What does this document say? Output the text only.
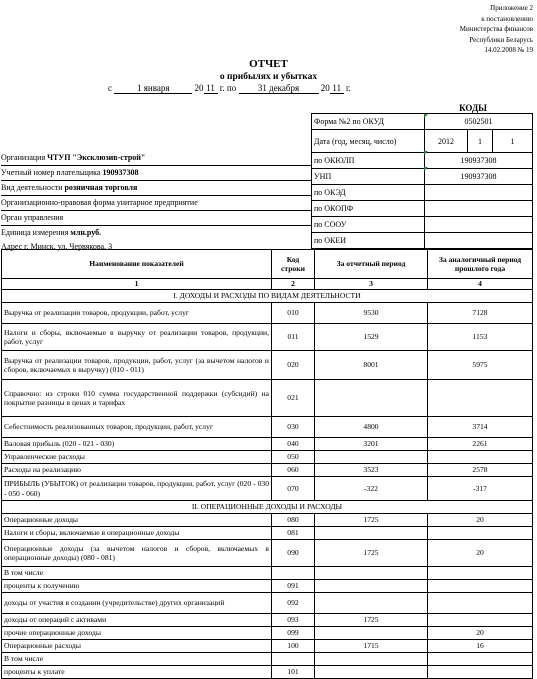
Приложение 2
к постановлению
Министерства финансов
Республики Беларусь
14.02.2008 № 19
ОТЧЕТ
о прибылях и убытках
с	1 января	20 11 г. по 31 декабря 20 11 г.
КОДЫ
Форма №2 по ОКУД	0502501		
Дата (год, месяц, число)	2012	1	1
по ОКЮЛП	190937308		
УНП	190937308		
по ОКЭД			
по ОКОПФ			
по СООУ			
по ОКЕИ			
Организация ЧТУП "Эксклюзив-строй"
Учетный номер плательщика 190937308
Вид деятельности розничная торговля
Организационно-правовая форма унитарное предприятие
Орган управления
Единица измерения млн.руб.
Адрес г. Минск, ул. Червякова, 3
Наименование показателей	Код строки	За отчетный период	За аналогичный период прошлого года
1	2	3	4
I. ДОХОДЫ И РАСХОДЫ ПО ВИДАМ ДЕЯТЕЛЬНОСТИ			
Выручка от реализации товаров, продукции, работ, услуг	010	9530	7128
Налоги и сборы, включаемые в выручку от реализации товаров, продукции, работ, услуг	011	1529	1153
Выручка от реализации товаров, продукции, работ, услуг (за вычетом налогов и сборов, включаемых в выручку) (010 - 011)	020	8001	5975
Справочно: из строки 010 сумма государственной поддержки (субсидий) на покрытие разницы в ценах и тарифах	021		
Себестоимость реализованных товаров, продукции, работ, услуг	030	4800	3714
Валовая прибыль (020 - 021 - 030)	040	3201	2261
Управленческие расходы	050		
Расходы на реализацию	060	3523	2578
ПРИБЫЛЬ (УБЫТОК) от реализации товаров, продукции, работ, услуг (020 - 030 - 050 - 060)	070	-322	-317
II. ОПЕРАЦИОННЫЕ ДОХОДЫ И РАСХОДЫ			
Операционные доходы	080	1725	20
Налоги и сборы, включаемые в операционные доходы	081		
Операционные доходы (за вычетом налогов и сборов, включаемых в операционные доходы) (080 - 081)	090	1725	20
В том числе			
проценты к получению	091		
доходы от участия в создании (учредительстве) других организаций	092		
доходы от операций с активами	093	1725	
прочие операционные доходы	099		20
Операционные расходы	100	1715	16
В том числе			
проценты к уплате	101		
